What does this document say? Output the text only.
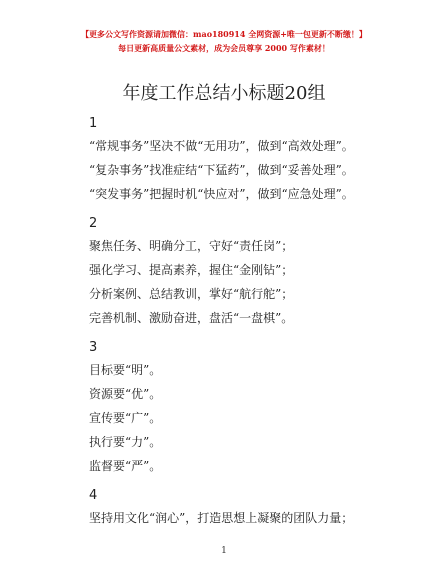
【更多公文写作资源请加微信：mao180914 全网资源+唯一包更新不断缴！】
每日更新高质量公文素材，成为会员尊享 2000 写作素材！
年度工作总结小标题20组
1
“常规事务”坚决不做“无用功”，做到“高效处理”。
“复杂事务”找准症结“下猛药”，做到“妥善处理”。
“突发事务”把握时机“快应对”，做到“应急处理”。
2
聚焦任务、明确分工，守好“责任岗”；
强化学习、提高素养，握住“金刚钻”；
分析案例、总结教训，掌好“航行舵”；
完善机制、激励奋进，盘活“一盘棋”。
3
目标要“明”。
资源要“优”。
宣传要“广”。
执行要“力”。
监督要“严”。
4
坚持用文化“润心”，打造思想上凝聚的团队力量；
1
